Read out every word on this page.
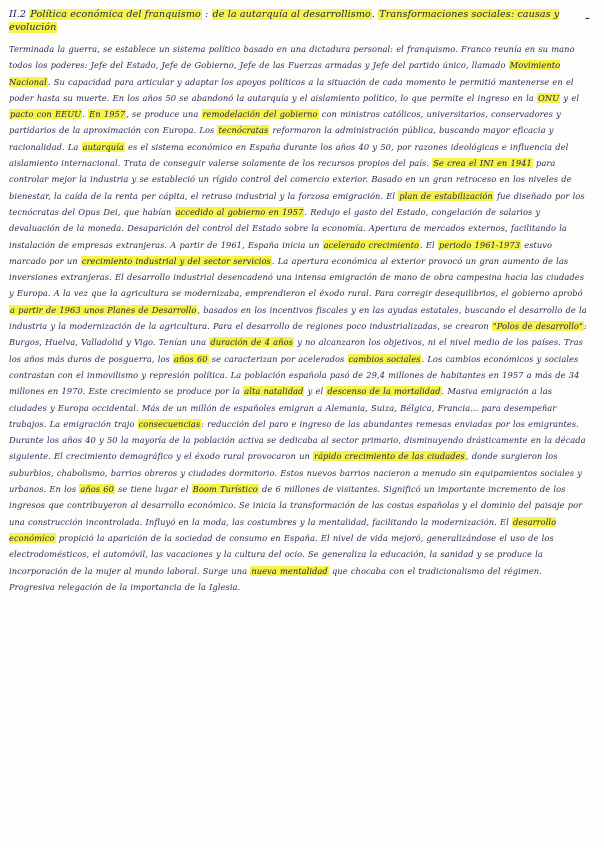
II.2 Política económica del franquismo : de la autarquía al desarrollismo. Transformaciones sociales: causas y evolución
-

Terminada la guerra, se establece un sistema político basado en una dictadura personal: el franquismo. Franco reunía en su mano todos los poderes: Jefe del Estado, Jefe de Gobierno, Jefe de las Fuerzas armadas y Jefe del partido único, llamado Movimiento Nacional. Su capacidad para articular y adaptar los apoyos políticos a la situación de cada momento le permitió mantenerse en el poder hasta su muerte. En los años 50 se abandonó la autarquía y el aislamiento político, lo que permite el ingreso en la ONU y el pacto con EEUU. En 1957, se produce una remodelación del gobierno con ministros católicos, universitarios, conservadores y partidarios de la aproximación con Europa. Los tecnócratas reformaron la administración pública, buscando mayor eficacia y racionalidad. La autarquía es el sistema económico en España durante los años 40 y 50, por razones ideológicas e influencia del aislamiento internacional. Trata de conseguir valerse solamente de los recursos propios del país. Se crea el INI en 1941 para controlar mejor la industria y se estableció un rígido control del comercio exterior. Basado en un gran retroceso en los niveles de bienestar, la caída de la renta per cápita, el retraso industrial y la forzosa emigración. El plan de estabilización fue diseñado por los tecnócratas del Opus Dei, que habían accedido al gobierno en 1957. Redujo el gasto del Estado, congelación de salarios y devaluación de la moneda. Desaparición del control del Estado sobre la economía. Apertura de mercados externos, facilitando la instalación de empresas extranjeras. A partir de 1961, España inicia un acelerado crecimiento. El periodo 1961-1973 estuvo marcado por un crecimiento industrial y del sector servicios. La apertura económica al exterior provocó un gran aumento de las inversiones extranjeras. El desarrollo industrial desencadenó una intensa emigración de mano de obra campesina hacia las ciudades y Europa. A la vez que la agricultura se modernizaba, emprendieron el éxodo rural. Para corregir desequilibrios, el gobierno aprobó a partir de 1963 unos Planes de Desarrollo, basados en los incentivos fiscales y en las ayudas estatales, buscando el desarrollo de la industria y la modernización de la agricultura. Para el desarrollo de regiones poco industrializadas, se crearon "Polos de desarrollo": Burgos, Huelva, Valladolid y Vigo. Tenían una duración de 4 años y no alcanzaron los objetivos, ni el nivel medio de los países. Tras los años más duros de posguerra, los años 60 se caracterizan por acelerados cambios sociales. Los cambios económicos y sociales contrastan con el inmovilismo y represión política. La población española pasó de 29,4 millones de habitantes en 1957 a más de 34 millones en 1970. Este crecimiento se produce por la alta natalidad y el descenso de la mortalidad. Masiva emigración a las ciudades y Europa occidental. Más de un millón de españoles emigran a Alemania, Suiza, Bélgica, Francia... para desempeñar trabajos. La emigración trajo consecuencias: reducción del paro e ingreso de las abundantes remesas enviadas por los emigrantes. Durante los años 40 y 50 la mayoría de la población activa se dedicaba al sector primario, disminuyendo drásticamente en la década siguiente. El crecimiento demográfico y el éxodo rural provocaron un rápido crecimiento de las ciudades, donde surgieron los suburbios, chabolismo, barrios obreros y ciudades dormitorio. Estos nuevos barrios nacieron a menudo sin equipamientos sociales y urbanos. En los años 60 se tiene lugar el Boom Turístico de 6 millones de visitantes. Significó un importante incremento de los ingresos que contribuyeron al desarrollo económico. Se inicia la transformación de las costas españolas y el dominio del paisaje por una construcción incontrolada. Influyó en la moda, las costumbres y la mentalidad, facilitando la modernización. El desarrollo económico propició la aparición de la sociedad de consumo en España. El nivel de vida mejoró, generalizándose el uso de los electrodomésticos, el automóvil, las vacaciones y la cultura del ocio. Se generaliza la educación, la sanidad y se produce la incorporación de la mujer al mundo laboral. Surge una nueva mentalidad que chocaba con el tradicionalismo del régimen. Progresiva relegación de la importancia de la Iglesia.
